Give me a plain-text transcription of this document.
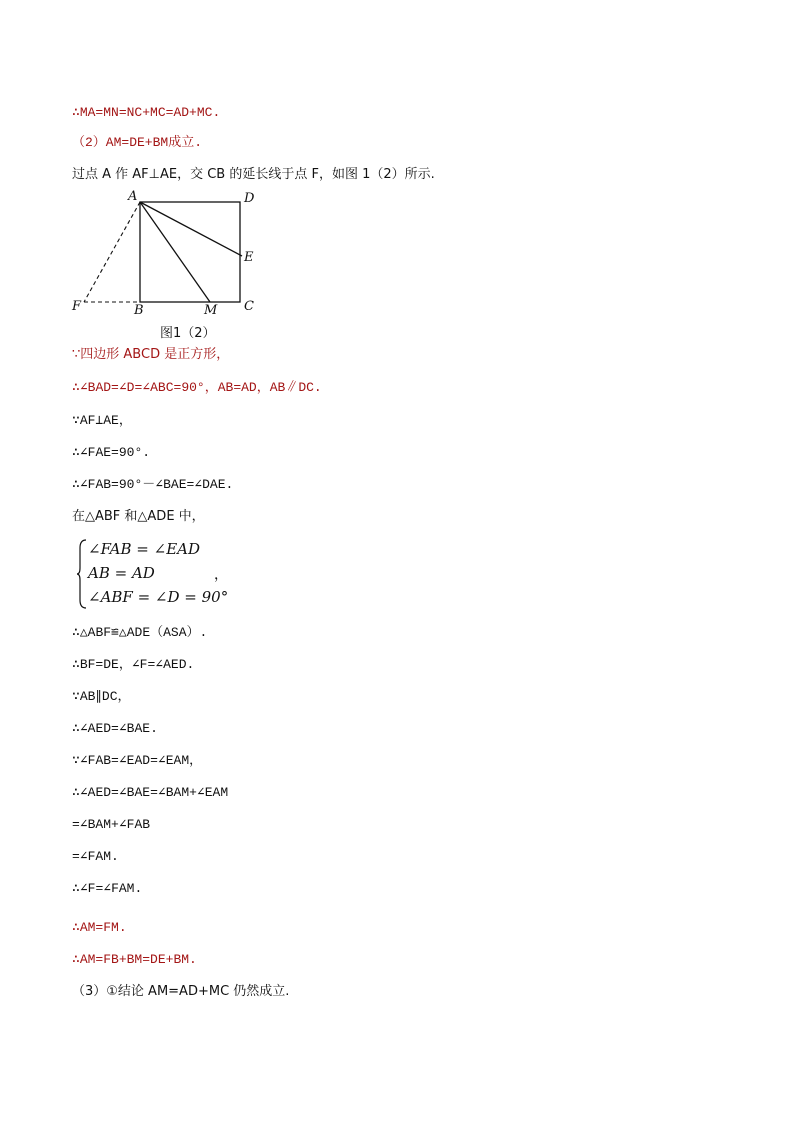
∴MA=MN=NC+MC=AD+MC.
（2）AM=DE+BM成立.
过点 A 作 AF⊥AE，交 CB 的延长线于点 F，如图 1（2）所示.
A	D
E
C
M
B
F
图1（2）
∵四边形 ABCD 是正方形，
∴∠BAD=∠D=∠ABC=90°，AB=AD，AB∥DC.
∵AF⊥AE，
∴∠FAE=90°.
∴∠FAB=90°－∠BAE=∠DAE.
在△ABF 和△ADE 中，
∠FAB = ∠EAD
AB = AD
∠ABF = ∠D = 90°
，
∴△ABF≌△ADE（ASA）.
∴BF=DE，∠F=∠AED.
∵AB∥DC，
∴∠AED=∠BAE.
∵∠FAB=∠EAD=∠EAM，
∴∠AED=∠BAE=∠BAM+∠EAM
=∠BAM+∠FAB
=∠FAM.
∴∠F=∠FAM.
∴AM=FM.
∴AM=FB+BM=DE+BM.
（3）①结论 AM=AD+MC 仍然成立.
